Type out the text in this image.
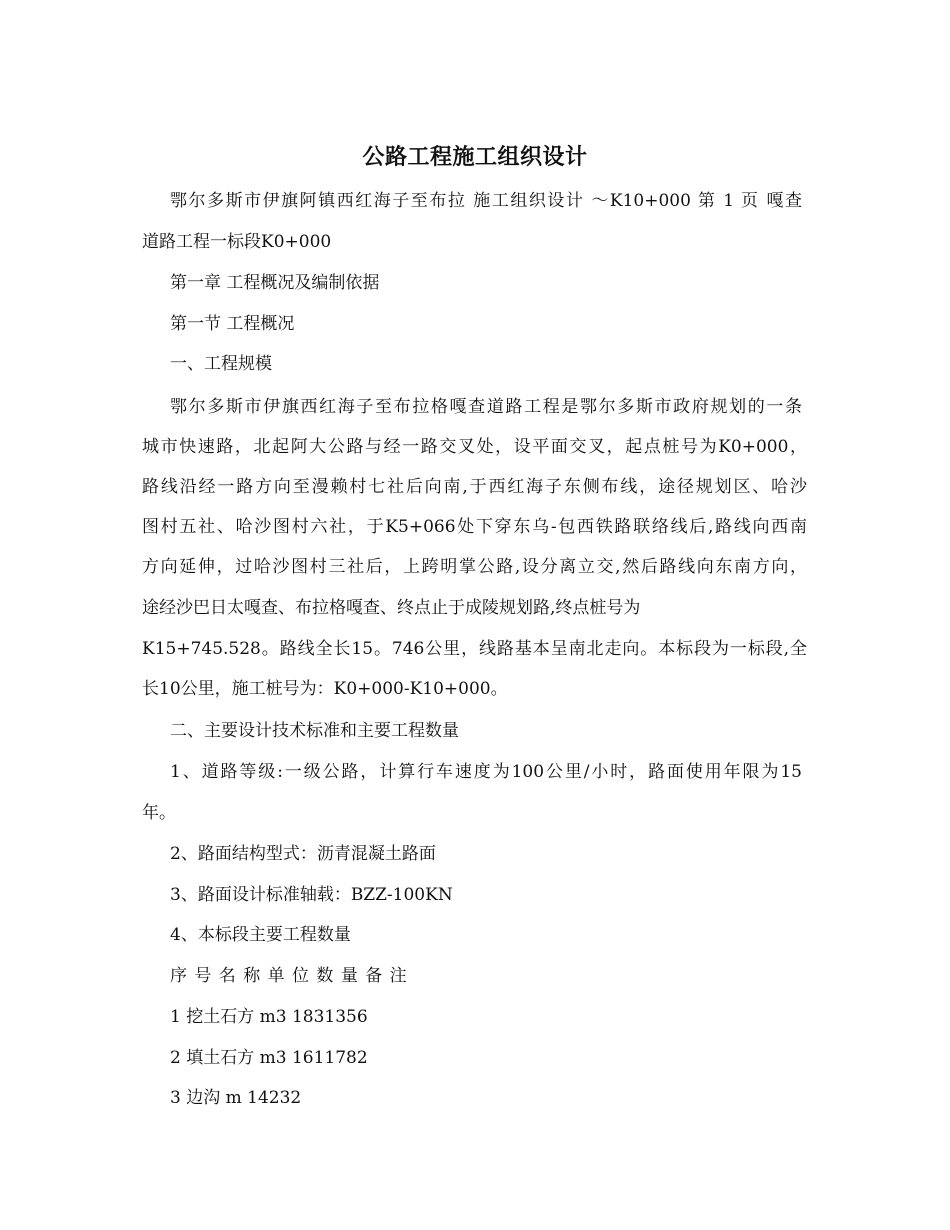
公路工程施工组织设计
鄂尔多斯市伊旗阿镇西红海子至布拉 施工组织设计 ～K10+000 第 1 页 嘎查
道路工程一标段K0+000
第一章 工程概况及编制依据
第一节 工程概况
一、工程规模
鄂尔多斯市伊旗西红海子至布拉格嘎查道路工程是鄂尔多斯市政府规划的一条
城市快速路，北起阿大公路与经一路交叉处，设平面交叉，起点桩号为K0+000，
路线沿经一路方向至漫赖村七社后向南,于西红海子东侧布线，途径规划区、哈沙
图村五社、哈沙图村六社，于K5+066处下穿东乌-包西铁路联络线后,路线向西南
方向延伸，过哈沙图村三社后，上跨明掌公路,设分离立交,然后路线向东南方向，
途经沙巴日太嘎查、布拉格嘎查、终点止于成陵规划路,终点桩号为
K15+745.528。路线全长15。746公里，线路基本呈南北走向。本标段为一标段,全
长10公里，施工桩号为：K0+000-K10+000。
二、主要设计技术标准和主要工程数量
1、道路等级:一级公路，计算行车速度为100公里/小时，路面使用年限为15
年。
2、路面结构型式：沥青混凝土路面
3、路面设计标准轴载：BZZ-100KN
4、本标段主要工程数量
序 号 名 称 单 位 数 量 备 注
1 挖土石方 m3 1831356
2 填土石方 m3 1611782
3 边沟 m 14232
